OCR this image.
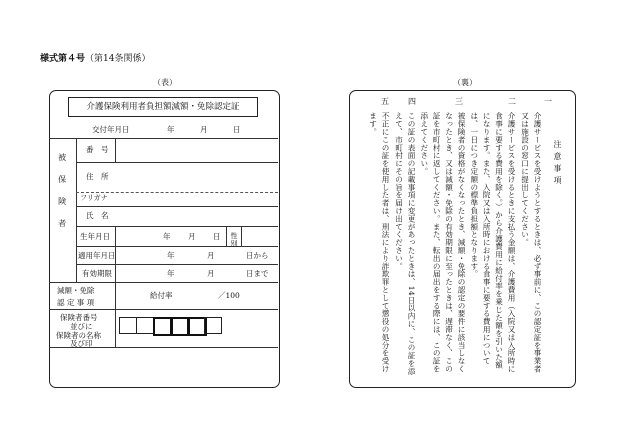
様式第４号（第14条関係）
（表）
介護保険利用者負担額減額・免除認定証
交付年月日	年	月	日
被保険者
番　号
住　所
フリガナ
氏　名
生年月日	年 月 日	性別
適用年月日	年	月	日から
有効期限	年	月	日まで
減額・免除
認 定 事 項
給付率	／100
保険者番号
並びに
保険者の名称
及び印
（裏）
一
二
三
四
五
注意事項
介護サービスを受けようとするときは、必ず事前に、この認定証を事業者又は施設の窓口に提出してください。
介護サービスを受けるときに支払う金額は、介護費用（入院又は入所時に食事に要する費用を除く。）から介護費用に給付率を乗じた額を引いた額になります。また、入院又は入所時における食事に要する費用については、一日につき定額の標準負担額となります。
被保険者の資格がなくなったとき、減額・免除の認定の要件に該当しなくなったとき、又は減額・免除の有効期限に至ったときは、遅滞なく、この証を市町村に返してください。また、転出の届出をする際には、この証を添えてください。
この証の表面の記載事項に変更があったときは、14日以内に、この証を添えて、市町村にその旨を届け出てください。
不正にこの証を使用した者は、刑法により詐欺罪として懲役の処分を受けます。
